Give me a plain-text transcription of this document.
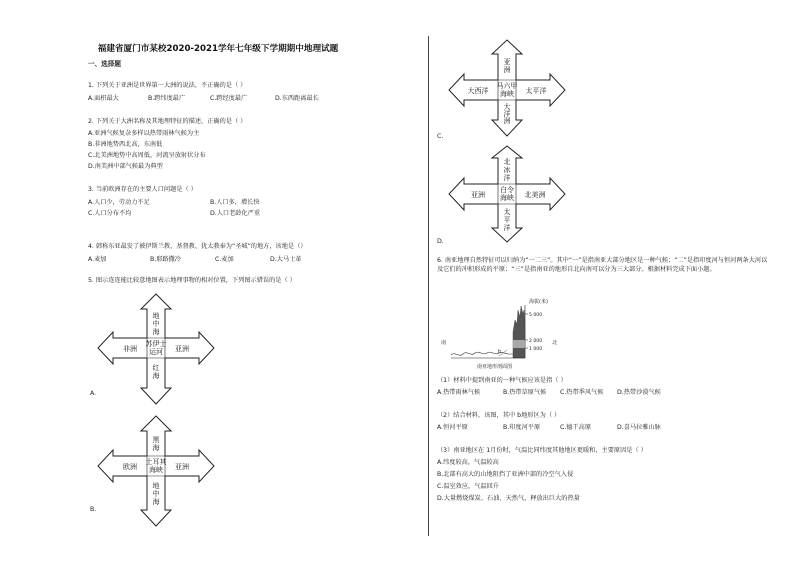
福建省厦门市某校2020-2021学年七年级下学期期中地理试题
一、选择题
1. 下列关于亚洲是世界第一大洲的说法，不正确的是（ ）
A.面积最大	B.跨纬度最广	C.跨经度最广	D.东西距离最长
2. 下列关于大洲名称及其地理特征的描述，正确的是（ ）
A.亚洲气候复杂多样以热带雨林气候为主
B.非洲地势西北高，东南低
C.北美洲地势中高周低，河流呈放射状分布
D.南美洲中部气候最为典型
3. 当前欧洲存在的主要人口问题是（ ）
A.人口少，劳动力不足	B.人口多，增长快
C.人口分布不均	D.人口老龄化严重
4. 韩称东亚最发了被伊斯兰教、基督教、犹太教奉为“圣城”的地方，该地是（）
A.麦加	B.耶路撒冷	C.麦加	D.大马士革
5. 图示连连能比较意地图表示地理事物的相对位置，下列图示错误的是（ ）
地
中
海
苏伊士
运河
非洲	亚洲
红
海
A.
黑
海
土耳其
海峡
欧洲	亚洲
地
中
海
B.
亚
洲
马六甲
海峡
大西洋	太平洋
大
洋
洲
C.
北
冰
洋
白令
海峡
亚洲	北美洲
太
平
洋
D.
6. 南亚地理自然特征可以归纳为“一二三”。其中“一”是指南亚大部分地区是一种气候；“二”是指印度河与恒河两条大河以及它们的冲积形成的平原；“三”是指南亚的地形自北向南可以分为三大部分。根据材料完成下面小题。
海拔(米)
5 000
2 000
1 000
南	北
b
南亚地形剖面图
（1）材料中提到南亚的一种气候应该是指（ ）
A.热带雨林气候	B.热带草原气候 C.热带季风气候 D.热带沙漠气候
（2）结合材料，该图，其中 b地形区为（ ）
A.恒河平原	B.印度河平原	C.德干高原	D.喜马拉雅山脉
（3）南亚地区在 1月份时，气温比同纬度其他地区更暖和，主要原因是（ ）
A.纬度较高，气温较高
B.北部有高大的山地阻挡了亚洲中部的冷空气入侵
C.温室效应，气温回升
D.大量燃烧煤炭、石油、天然气，释放出巨大的热量
